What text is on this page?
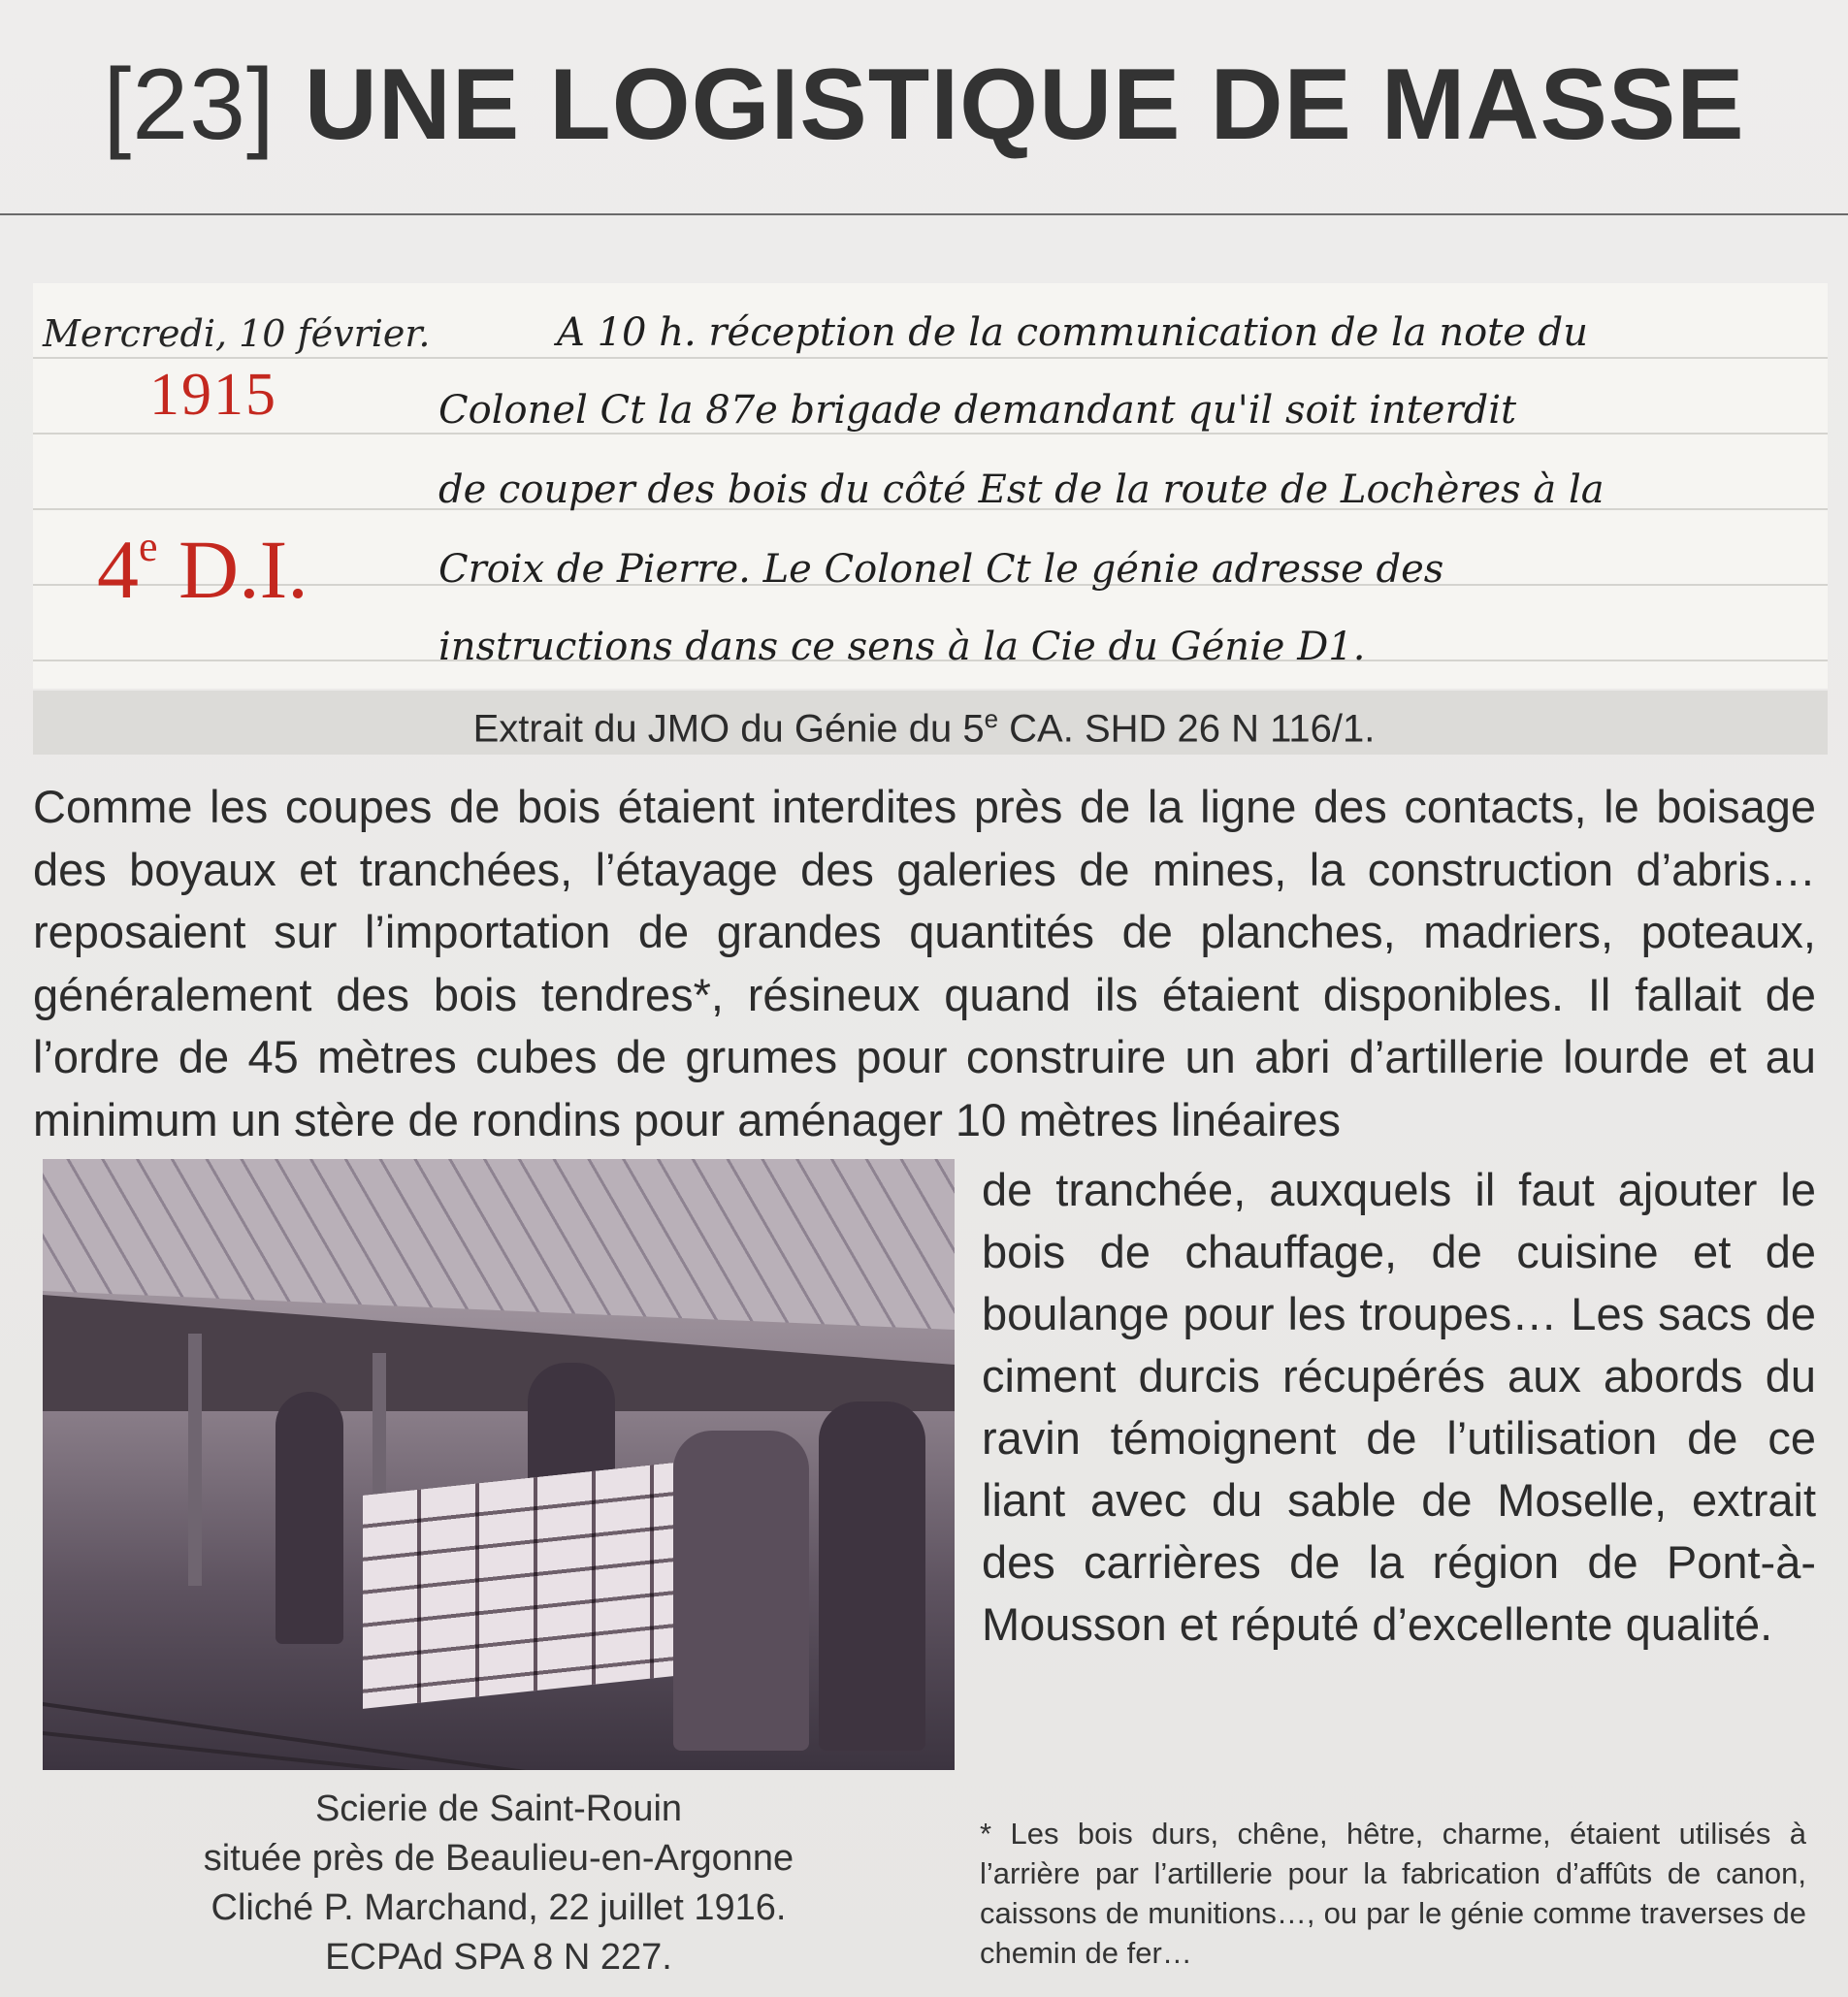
[23] UNE LOGISTIQUE DE MASSE
Mercredi, 10 février.
1915
4e D.I.
A 10 h. réception de la communication de la note du
Colonel Ct la 87e brigade demandant qu'il soit interdit
de couper des bois du côté Est de la route de Lochères à la
Croix de Pierre. Le Colonel Ct le génie adresse des
instructions dans ce sens à la Cie du Génie D1.
Extrait du JMO du Génie du 5e CA. SHD 26 N 116/1.

Comme les coupes de bois étaient interdites près de la ligne des contacts, le boisage des boyaux et tranchées, l’étayage des galeries de mines, la construction d’abris… reposaient sur l’importation de grandes quantités de planches, madriers, poteaux, généralement des bois tendres*, résineux quand ils étaient disponibles. Il fallait de l’ordre de 45 mètres cubes de grumes pour construire un abri d’artillerie lourde et au minimum un stère de rondins pour aménager 10 mètres linéaires

Scierie de Saint-Rouin
située près de Beaulieu-en-Argonne
Cliché P. Marchand, 22 juillet 1916.
ECPAd SPA 8 N 227.
de tranchée, auxquels il faut ajouter le bois de chauffage, de cuisine et de boulange pour les troupes… Les sacs de ciment durcis récupérés aux abords du ravin témoignent de l’utilisation de ce liant avec du sable de Moselle, extrait des carrières de la région de Pont-à-Mousson et réputé d’excellente qualité.
* Les bois durs, chêne, hêtre, charme, étaient utilisés à l’arrière par l’artillerie pour la fabrication d’affûts de canon, caissons de munitions…, ou par le génie comme traverses de chemin de fer…
